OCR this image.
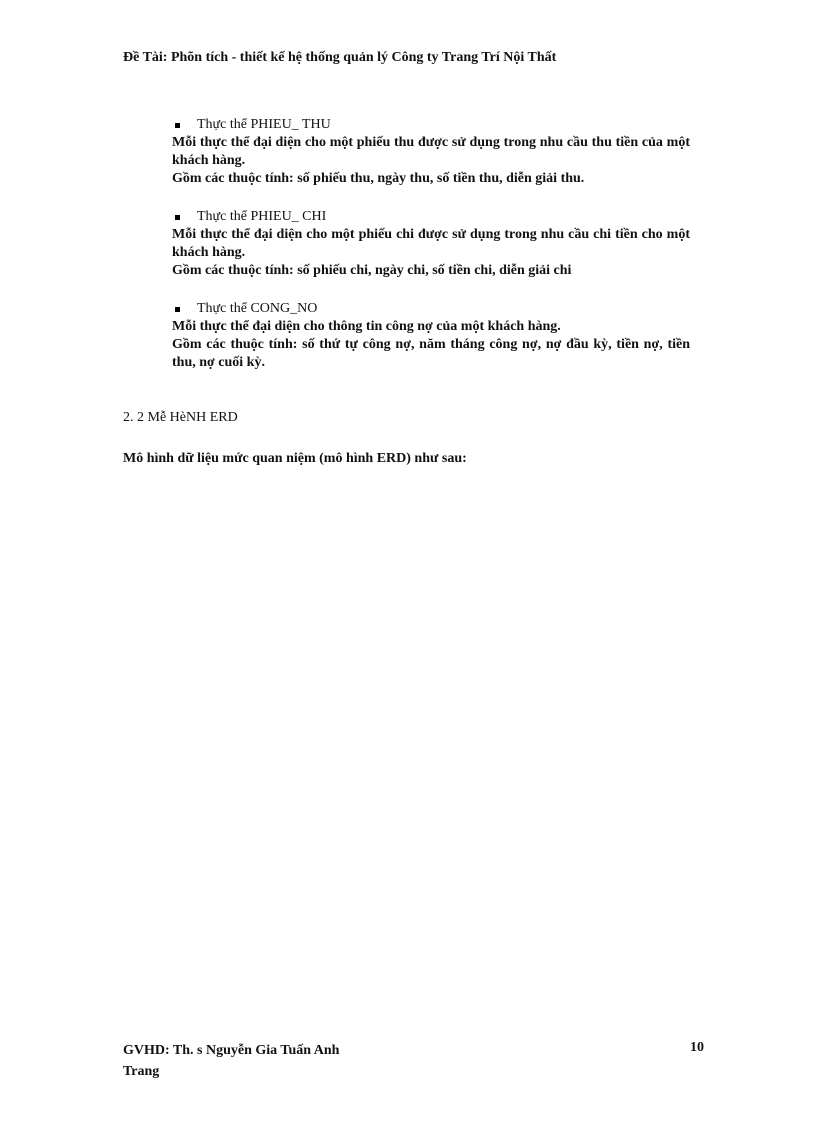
Đề Tài: Phõn tích - thiết kế hệ thống quản lý Công ty Trang Trí Nội Thất
Thực thể PHIEU_ THU
Mỗi thực thể đại diện cho một phiếu thu được sử dụng trong nhu cầu thu tiền của một khách hàng.
Gồm các thuộc tính: số phiếu thu, ngày thu, số tiền thu, diễn giải thu.
Thực thể PHIEU_ CHI
Mỗi thực thể đại diện cho một phiếu chi được sử dụng trong nhu cầu chi tiền cho một khách hàng.
Gồm các thuộc tính: số phiếu chi, ngày chi, số tiền chi, diễn giải chi
Thực thể CONG_NO
Mỗi thực thể đại diện cho thông tin công nợ của một khách hàng.
Gồm các thuộc tính: số thứ tự công nợ, năm tháng công nợ, nợ đầu kỳ, tiền nợ, tiền thu, nợ cuối kỳ.
2. 2 Mễ HèNH ERD
Mô hình dữ liệu mức quan niệm (mô hình ERD) như sau:
GVHD: Th. s Nguyễn Gia Tuấn Anh
Trang
10
